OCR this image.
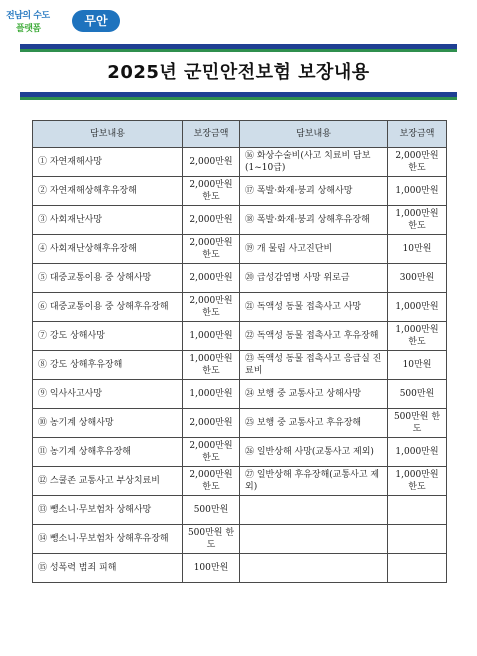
전남의 수도
플랫폼
무안
2025년 군민안전보험 보장내용
담보내용	보장금액	담보내용	보장금액
① 자연재해사망	2,000만원	⑯ 화상수술비(사고 치료비 담보(1~10급)	2,000만원 한도
② 자연재해상해후유장해	2,000만원 한도	⑰ 폭발·화재·붕괴 상해사망	1,000만원
③ 사회재난사망	2,000만원	⑱ 폭발·화재·붕괴 상해후유장해	1,000만원 한도
④ 사회재난상해후유장해	2,000만원 한도	⑲ 개 물림 사고진단비	10만원
⑤ 대중교통이용 중 상해사망	2,000만원	⑳ 급성감염병 사망 위로금	300만원
⑥ 대중교통이용 중 상해후유장해	2,000만원 한도	㉑ 독액성 동물 접촉사고 사망	1,000만원
⑦ 강도 상해사망	1,000만원	㉒ 독액성 동물 접촉사고 후유장해	1,000만원 한도
⑧ 강도 상해후유장해	1,000만원 한도	㉓ 독액성 동물 접촉사고 응급실 진료비	10만원
⑨ 익사사고사망	1,000만원	㉔ 보행 중 교통사고 상해사망	500만원
⑩ 농기계 상해사망	2,000만원	㉕ 보행 중 교통사고 후유장해	500만원 한도
⑪ 농기계 상해후유장해	2,000만원 한도	㉖ 일반상해 사망(교통사고 제외)	1,000만원
⑫ 스쿨존 교통사고 부상치료비	2,000만원 한도	㉗ 일반상해 후유장해(교통사고 제외)	1,000만원 한도
⑬ 뺑소니·무보험차 상해사망	500만원		
⑭ 뺑소니·무보험차 상해후유장해	500만원 한도		
⑮ 성폭력 범죄 피해	100만원		
